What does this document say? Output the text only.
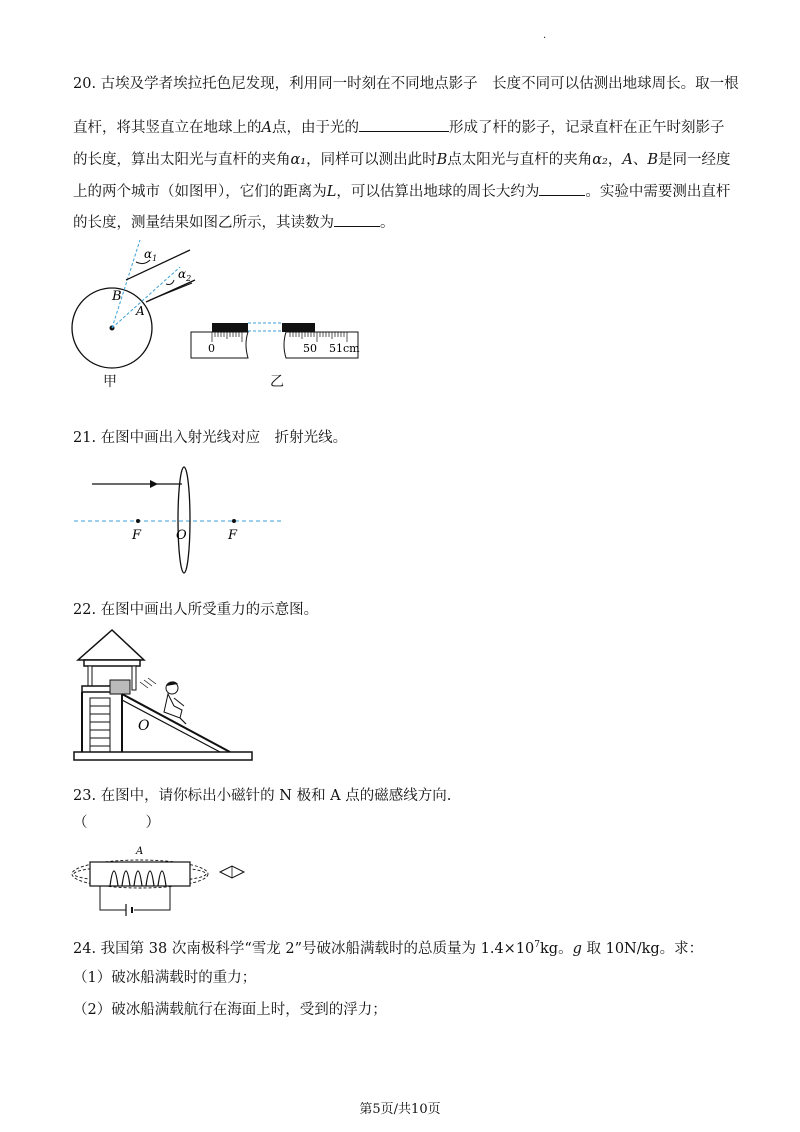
.
20. 古埃及学者埃拉托色尼发现，利用同一时刻在不同地点影子　长度不同可以估测出地球周长。取一根
直杆，将其竖直立在地球上的A点，由于光的	形成了杆的影子，记录直杆在正午时刻影子
的长度，算出太阳光与直杆的夹角α₁，同样可以测出此时B点太阳光与直杆的夹角α₂，A、B是同一经度
上的两个城市（如图甲），它们的距离为L，可以估算出地球的周长大约为	。实验中需要测出直杆
的长度，测量结果如图乙所示，其读数为	。
$\alpha_1$
$\alpha_2$
B
A
甲
0	50 51cm
乙
21. 在图中画出入射光线对应　折射光线。
F	O	F
22. 在图中画出人所受重力的示意图。
O
23. 在图中，请你标出小磁针的 N 极和 A 点的磁感线方向.
（　　　　）
A
24. 我国第 38 次南极科学“雪龙 2”号破冰船满载时的总质量为 $1.4\times 10^7kg$。g 取 10N/kg。求：
（1）破冰船满载时的重力；
（2）破冰船满载航行在海面上时，受到的浮力；
第5页/共10页
